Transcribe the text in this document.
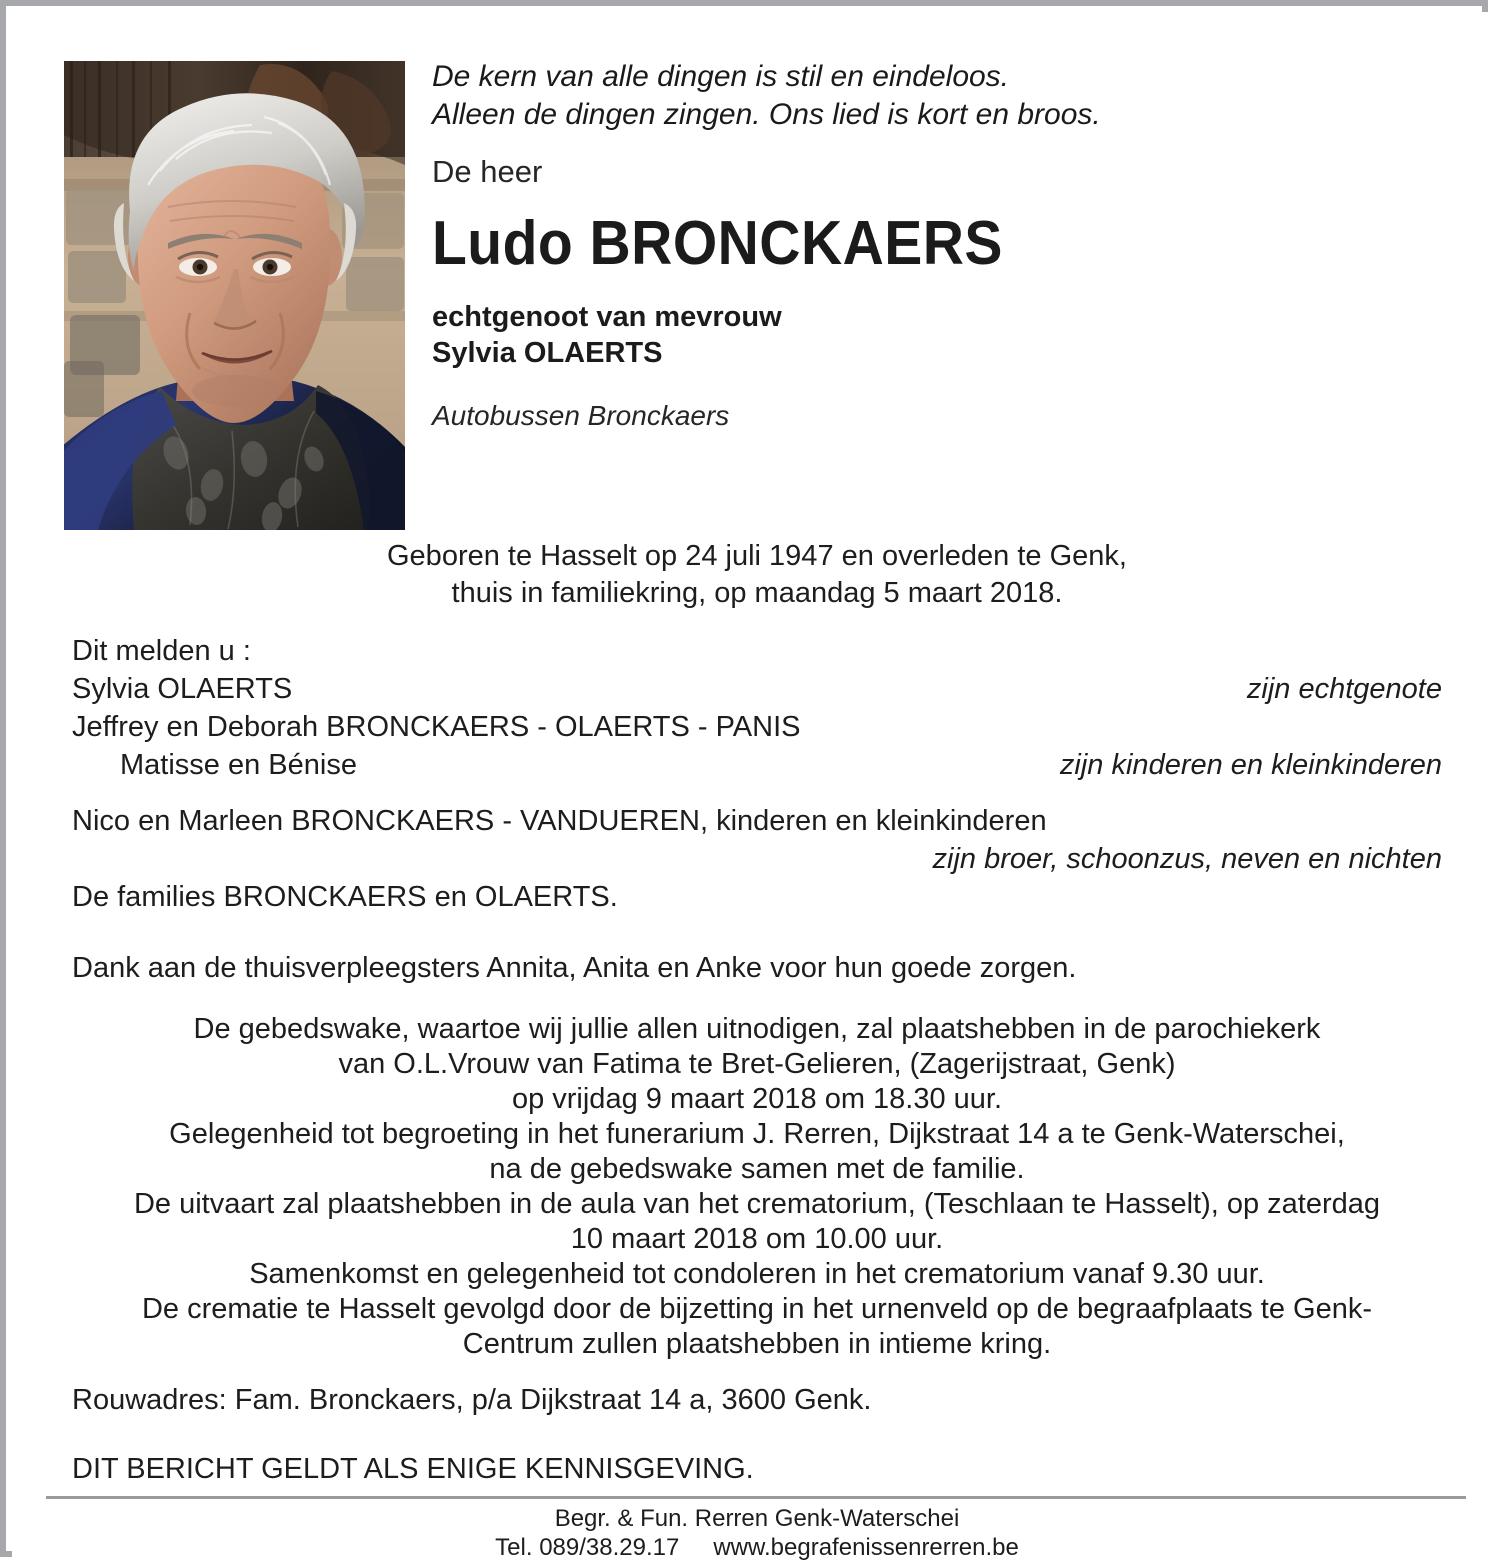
De kern van alle dingen is stil en eindeloos.
Alleen de dingen zingen. Ons lied is kort en broos.
De heer
Ludo BRONCKAERS
echtgenoot van mevrouw
Sylvia OLAERTS
Autobussen Bronckaers
Geboren te Hasselt op 24 juli 1947 en overleden te Genk,
thuis in familiekring, op maandag 5 maart 2018.
Dit melden u :
Sylvia OLAERTS	zijn echtgenote
Jeffrey en Deborah BRONCKAERS - OLAERTS - PANIS
Matisse en Bénise	zijn kinderen en kleinkinderen
Nico en Marleen BRONCKAERS - VANDUEREN, kinderen en kleinkinderen
zijn broer, schoonzus, neven en nichten
De families BRONCKAERS en OLAERTS.
Dank aan de thuisverpleegsters Annita, Anita en Anke voor hun goede zorgen.
De gebedswake, waartoe wij jullie allen uitnodigen, zal plaatshebben in de parochiekerk
van O.L.Vrouw van Fatima te Bret-Gelieren, (Zagerijstraat, Genk)
op vrijdag 9 maart 2018 om 18.30 uur.
Gelegenheid tot begroeting in het funerarium J. Rerren, Dijkstraat 14 a te Genk-Waterschei,
na de gebedswake samen met de familie.
De uitvaart zal plaatshebben in de aula van het crematorium, (Teschlaan te Hasselt), op zaterdag
10 maart 2018 om 10.00 uur.
Samenkomst en gelegenheid tot condoleren in het crematorium vanaf 9.30 uur.
De crematie te Hasselt gevolgd door de bijzetting in het urnenveld op de begraafplaats te Genk-
Centrum zullen plaatshebben in intieme kring.
Rouwadres: Fam. Bronckaers, p/a Dijkstraat 14 a, 3600 Genk.
DIT BERICHT GELDT ALS ENIGE KENNISGEVING.
Begr. & Fun. Rerren Genk-Waterschei
Tel. 089/38.29.17 www.begrafenissenrerren.be
